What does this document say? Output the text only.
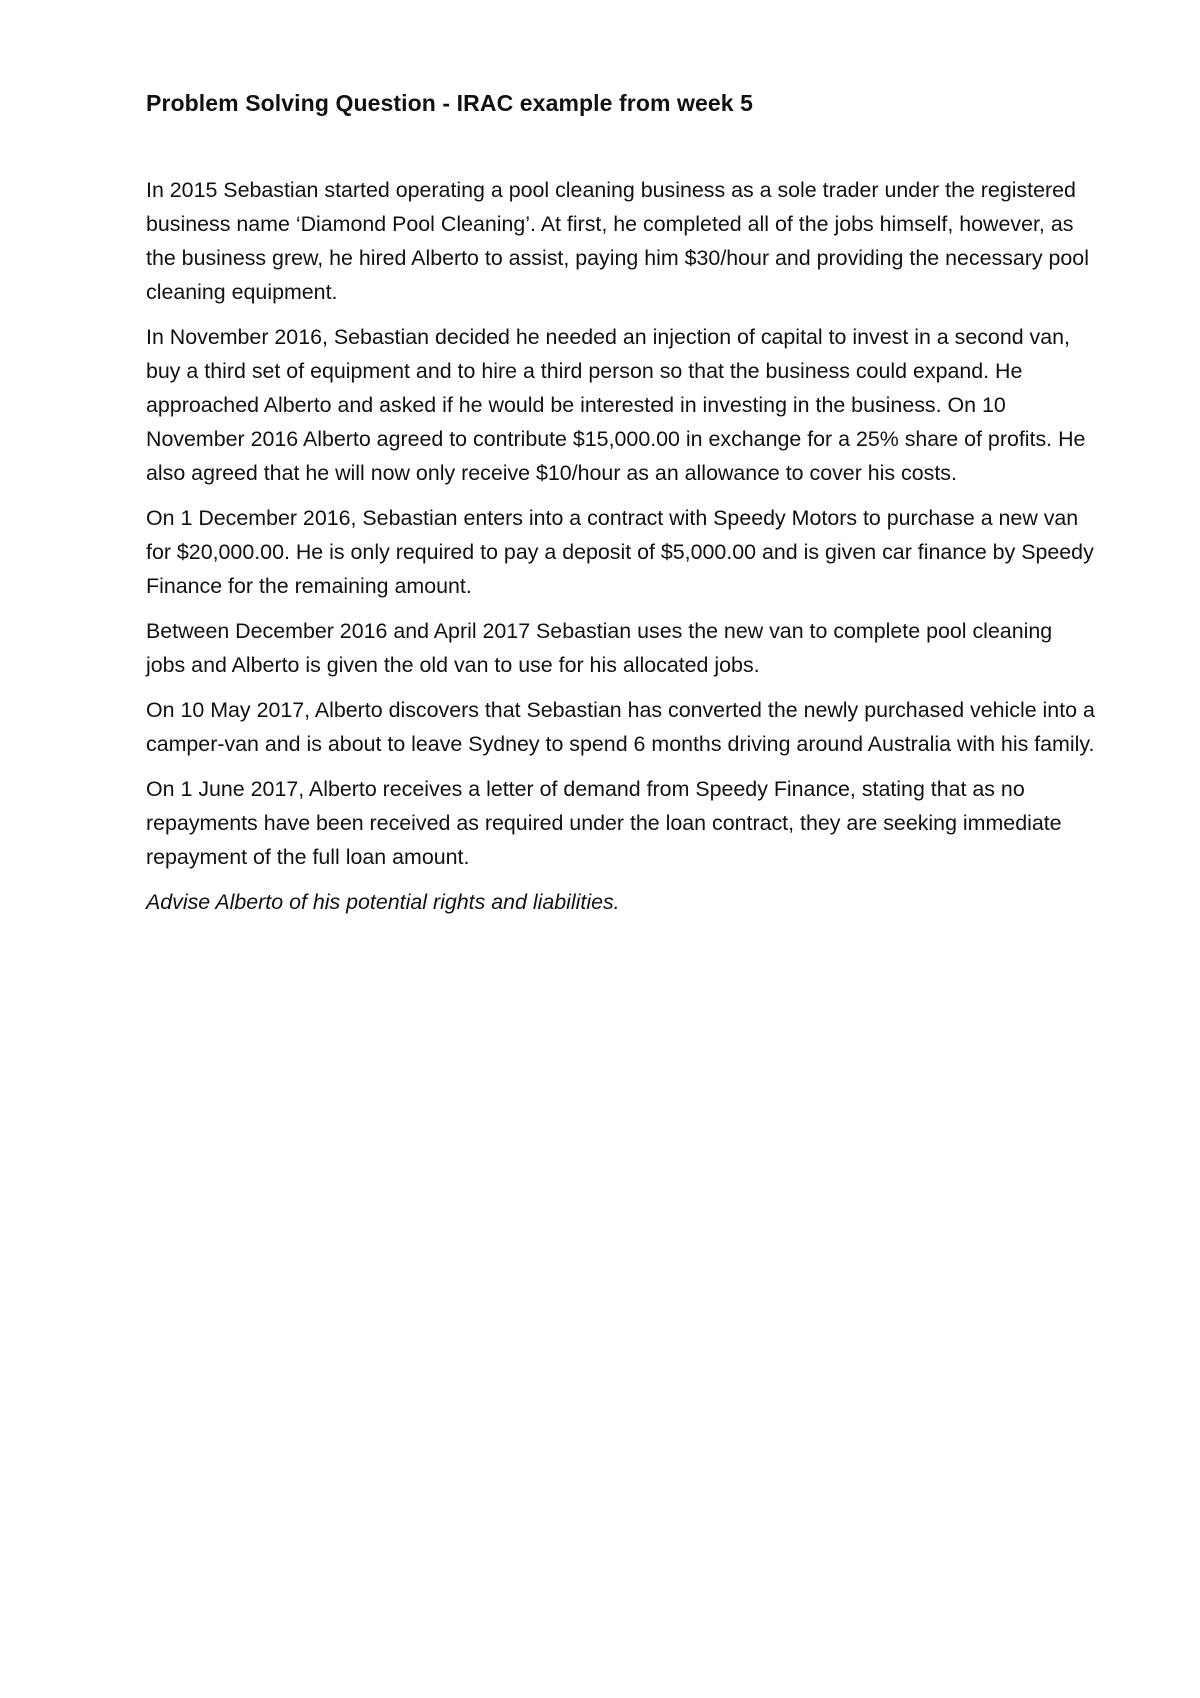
Problem Solving Question - IRAC example from week 5

In 2015 Sebastian started operating a pool cleaning business as a sole trader under the registered business name ‘Diamond Pool Cleaning’. At first, he completed all of the jobs himself, however, as the business grew, he hired Alberto to assist, paying him $30/hour and providing the necessary pool cleaning equipment.

In November 2016, Sebastian decided he needed an injection of capital to invest in a second van, buy a third set of equipment and to hire a third person so that the business could expand. He approached Alberto and asked if he would be interested in investing in the business. On 10 November 2016 Alberto agreed to contribute $15,000.00 in exchange for a 25% share of profits. He also agreed that he will now only receive $10/hour as an allowance to cover his costs.

On 1 December 2016, Sebastian enters into a contract with Speedy Motors to purchase a new van for $20,000.00. He is only required to pay a deposit of $5,000.00 and is given car finance by Speedy Finance for the remaining amount.

Between December 2016 and April 2017 Sebastian uses the new van to complete pool cleaning jobs and Alberto is given the old van to use for his allocated jobs.

On 10 May 2017, Alberto discovers that Sebastian has converted the newly purchased vehicle into a camper-van and is about to leave Sydney to spend 6 months driving around Australia with his family.

On 1 June 2017, Alberto receives a letter of demand from Speedy Finance, stating that as no repayments have been received as required under the loan contract, they are seeking immediate repayment of the full loan amount.

Advise Alberto of his potential rights and liabilities.
